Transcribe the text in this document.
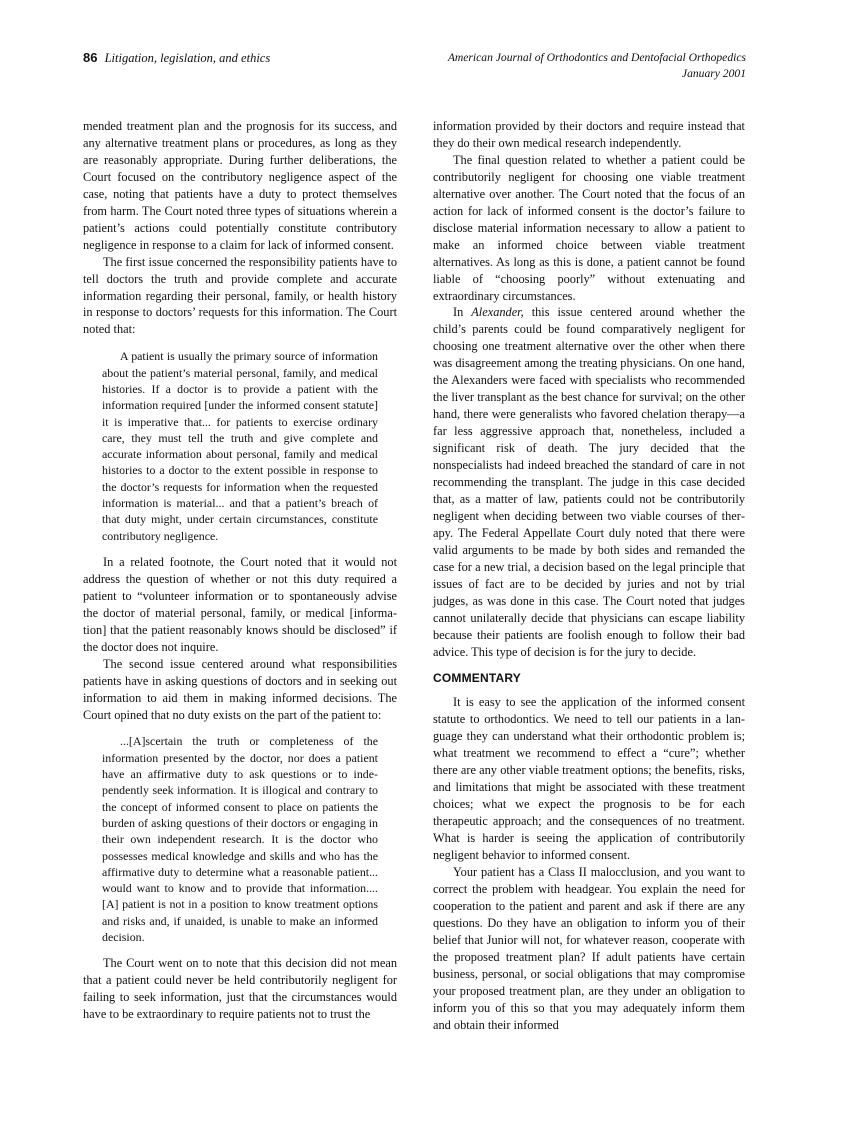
86 Litigation, legislation, and ethics	American Journal of Orthodontics and Dentofacial Orthopedics
January 2001

mended treatment plan and the prognosis for its success, and any alternative treatment plans or procedures, as long as they are reasonably appropriate. During further deliberations, the Court focused on the contributory negligence aspect of the case, noting that patients have a duty to protect themselves from harm. The Court noted three types of situations wherein a patient’s actions could potentially constitute contributory negligence in response to a claim for lack of informed consent.

The first issue concerned the responsibility patients have to tell doctors the truth and provide complete and accurate information regarding their personal, family, or health history in response to doctors’ requests for this information. The Court noted that:

A patient is usually the primary source of information about the patient’s material personal, family, and medical histories. If a doctor is to provide a patient with the information required [under the informed consent statute] it is imperative that... for patients to exercise ordinary care, they must tell the truth and give complete and accurate information about personal, family and medical histories to a doctor to the extent possible in response to the doctor’s requests for information when the requested information is material... and that a patient’s breach of that duty might, under certain circumstances, constitute contributory negligence.

In a related footnote, the Court noted that it would not address the question of whether or not this duty required a patient to “volunteer information or to spontaneously advise the doctor of material personal, family, or medical [information] that the patient reasonably knows should be disclosed” if the doctor does not inquire.

The second issue centered around what responsibilities patients have in asking questions of doctors and in seeking out information to aid them in making informed decisions. The Court opined that no duty exists on the part of the patient to:

...[A]scertain the truth or completeness of the information presented by the doctor, nor does a patient have an affirmative duty to ask questions or to independently seek information. It is illogical and contrary to the concept of informed consent to place on patients the burden of asking questions of their doctors or engaging in their own independent research. It is the doctor who possesses medical knowledge and skills and who has the affirmative duty to determine what a reasonable patient... would want to know and to provide that information.... [A] patient is not in a position to know treatment options and risks and, if unaided, is unable to make an informed decision.

The Court went on to note that this decision did not mean that a patient could never be held contributorily negligent for failing to seek information, just that the circumstances would have to be extraordinary to require patients not to trust the

information provided by their doctors and require instead that they do their own medical research independently.

The final question related to whether a patient could be contributorily negligent for choosing one viable treatment alternative over another. The Court noted that the focus of an action for lack of informed consent is the doctor’s failure to disclose material information necessary to allow a patient to make an informed choice between viable treatment alternatives. As long as this is done, a patient cannot be found liable of “choosing poorly” without extenuating and extraordinary circumstances.

In Alexander, this issue centered around whether the child’s parents could be found comparatively negligent for choosing one treatment alternative over the other when there was disagreement among the treating physicians. On one hand, the Alexanders were faced with specialists who recommended the liver transplant as the best chance for survival; on the other hand, there were generalists who favored chelation therapy—a far less aggressive approach that, nonetheless, included a significant risk of death. The jury decided that the nonspecialists had indeed breached the standard of care in not recommending the transplant. The judge in this case decided that, as a matter of law, patients could not be contributorily negligent when deciding between two viable courses of therapy. The Federal Appellate Court duly noted that there were valid arguments to be made by both sides and remanded the case for a new trial, a decision based on the legal principle that issues of fact are to be decided by juries and not by trial judges, as was done in this case. The Court noted that judges cannot unilaterally decide that physicians can escape liability because their patients are foolish enough to follow their bad advice. This type of decision is for the jury to decide.

COMMENTARY

It is easy to see the application of the informed consent statute to orthodontics. We need to tell our patients in a language they can understand what their orthodontic problem is; what treatment we recommend to effect a “cure”; whether there are any other viable treatment options; the benefits, risks, and limitations that might be associated with these treatment choices; what we expect the prognosis to be for each therapeutic approach; and the consequences of no treatment. What is harder is seeing the application of contributorily negligent behavior to informed consent.

Your patient has a Class II malocclusion, and you want to correct the problem with headgear. You explain the need for cooperation to the patient and parent and ask if there are any questions. Do they have an obligation to inform you of their belief that Junior will not, for whatever reason, cooperate with the proposed treatment plan? If adult patients have certain business, personal, or social obligations that may compromise your proposed treatment plan, are they under an obligation to inform you of this so that you may adequately inform them and obtain their informed
